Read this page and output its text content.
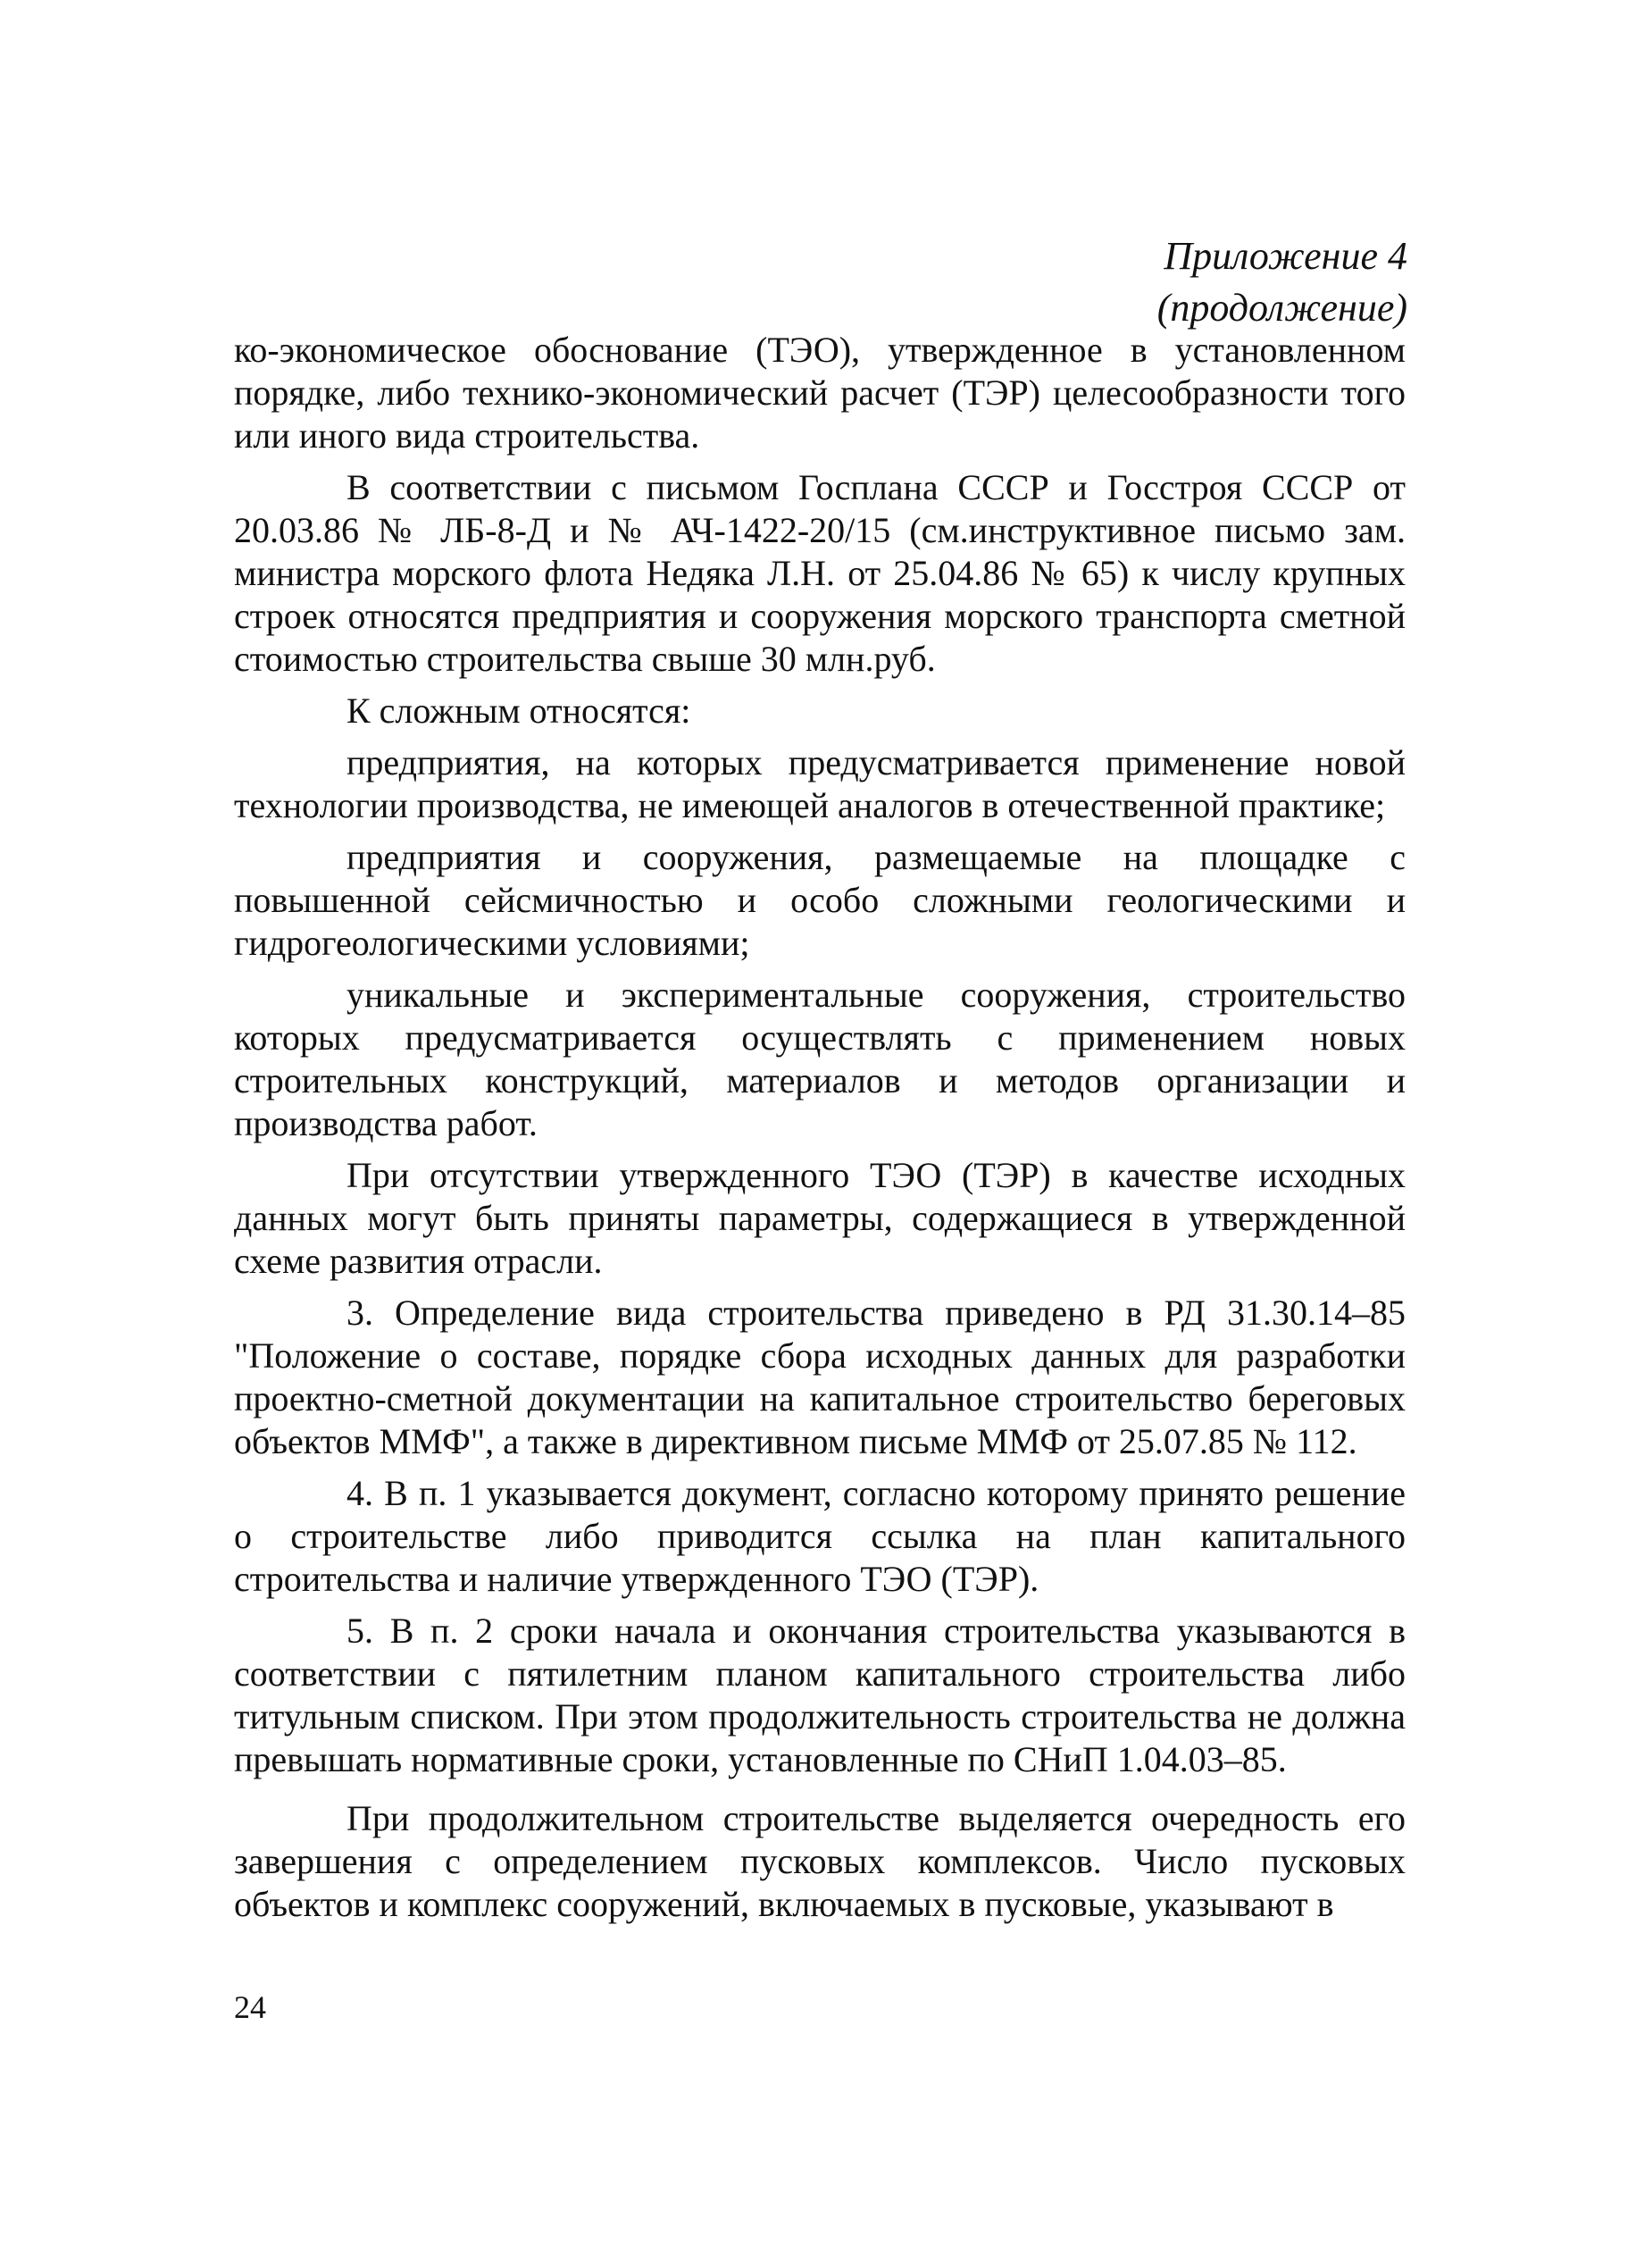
Приложение 4
(продолжение)

ко-экономическое обоснование (ТЭО), утвержденное в установленном порядке, либо технико-экономический расчет (ТЭР) целесообразности того или иного вида строительства.

В соответствии с письмом Госплана СССР и Госстроя СССР от 20.03.86 № ЛБ-8-Д и № АЧ-1422-20/15 (см.инструктивное письмо зам. министра морского флота Недяка Л.Н. от 25.04.86 № 65) к числу крупных строек относятся предприятия и сооружения морского транспорта сметной стоимостью строительства свыше 30 млн.руб.

К сложным относятся:

предприятия, на которых предусматривается применение новой технологии производства, не имеющей аналогов в отечественной практике;

предприятия и сооружения, размещаемые на площадке с повышенной сейсмичностью и особо сложными геологическими и гидрогеологическими условиями;

уникальные и экспериментальные сооружения, строительство которых предусматривается осуществлять с применением новых строительных конструкций, материалов и методов организации и производства работ.

При отсутствии утвержденного ТЭО (ТЭР) в качестве исходных данных могут быть приняты параметры, содержащиеся в утвержденной схеме развития отрасли.

3. Определение вида строительства приведено в РД 31.30.14–85 "Положение о составе, порядке сбора исходных данных для разработки проектно-сметной документации на капитальное строительство береговых объектов ММФ", а также в директивном письме ММФ от 25.07.85 № 112.

4. В п. 1 указывается документ, согласно которому принято решение о строительстве либо приводится ссылка на план капитального строительства и наличие утвержденного ТЭО (ТЭР).

5. В п. 2 сроки начала и окончания строительства указываются в соответствии с пятилетним планом капитального строительства либо титульным списком. При этом продолжительность строительства не должна превышать нормативные сроки, установленные по СНиП 1.04.03–85.

При продолжительном строительстве выделяется очередность его завершения с определением пусковых комплексов. Число пусковых объектов и комплекс сооружений, включаемых в пусковые, указывают в

24
